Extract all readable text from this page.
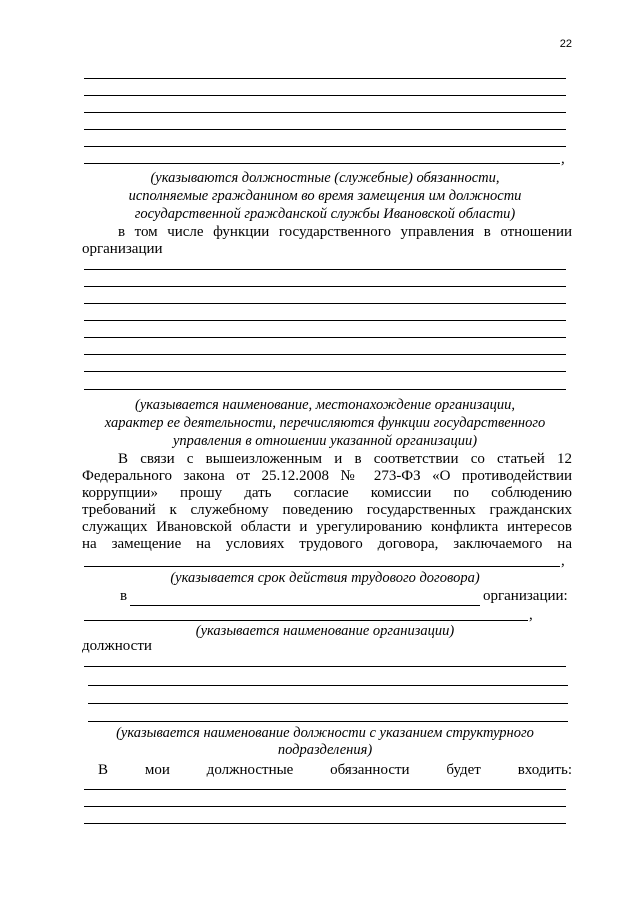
22
,
(указываются должностные (служебные) обязанности,
исполняемые гражданином во время замещения им должности
государственной гражданской службы Ивановской области)
в том числе функции государственного управления в отношении
организации
(указывается наименование, местонахождение организации,
характер ее деятельности, перечисляются функции государственного
управления в отношении указанной организации)
В связи с вышеизложенным и в соответствии со статьей 12
Федерального закона от 25.12.2008 № 273-ФЗ «О противодействии
коррупции» прошу дать согласие комиссии по соблюдению
требований к служебному поведению государственных гражданских
служащих Ивановской области и урегулированию конфликта интересов
на замещение на условиях трудового договора, заключаемого на
,
(указывается срок действия трудового договора)
в	организации:
,
(указывается наименование организации)
должности
(указывается наименование должности с указанием структурного
подразделения)
В мои должностные обязанности будет входить:
